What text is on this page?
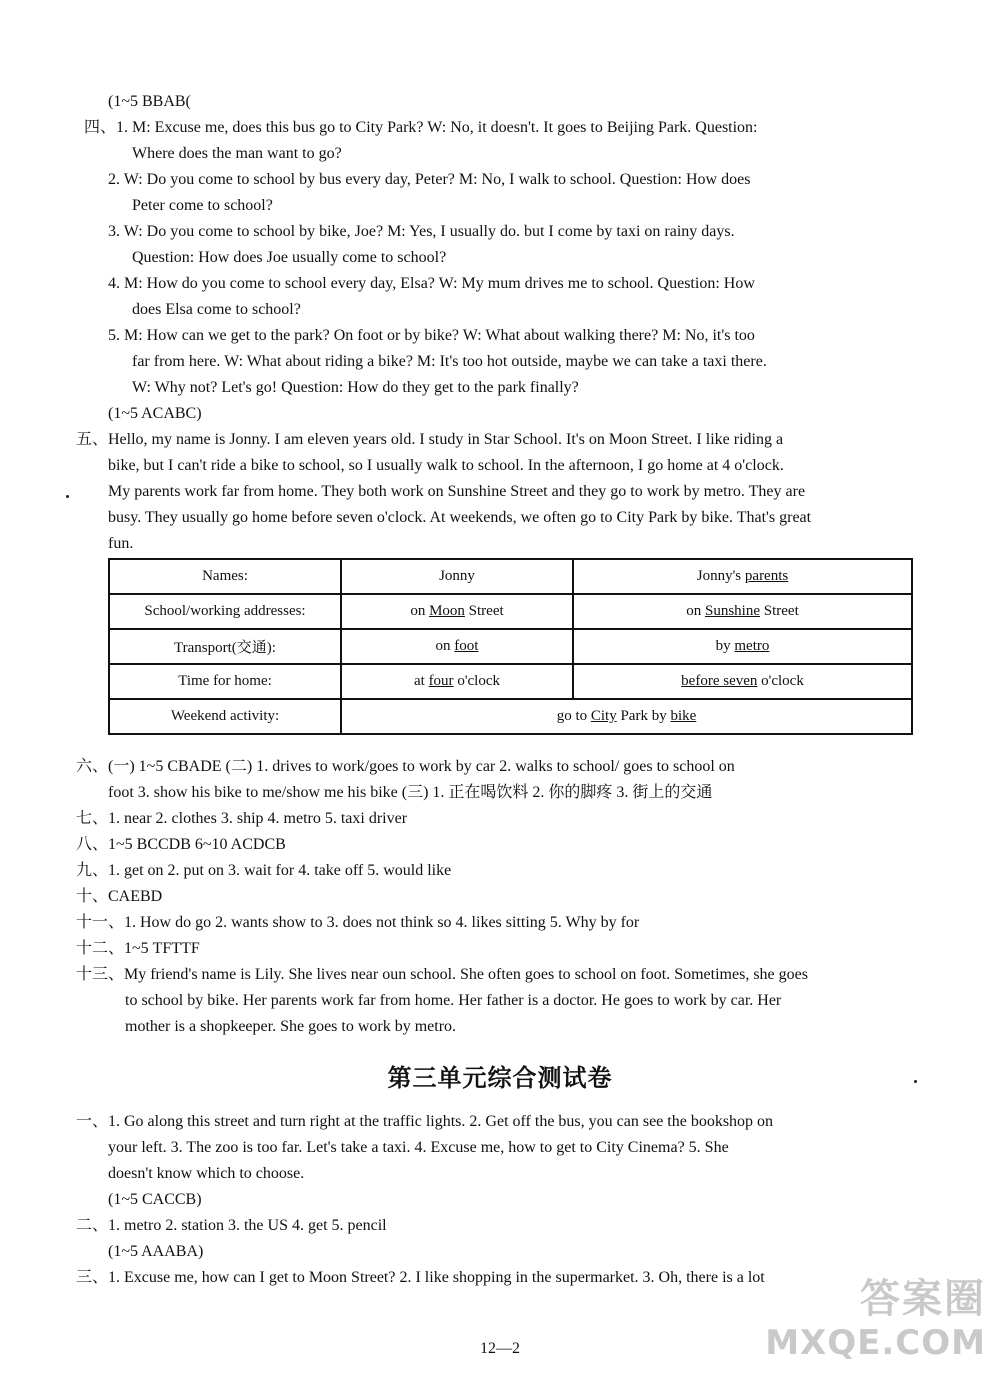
(1~5 BBAB(
四、1. M: Excuse me, does this bus go to City Park? W: No, it doesn't. It goes to Beijing Park. Question:
Where does the man want to go?
2. W: Do you come to school by bus every day, Peter? M: No, I walk to school. Question: How does
Peter come to school?
3. W: Do you come to school by bike, Joe? M: Yes, I usually do. but I come by taxi on rainy days.
Question: How does Joe usually come to school?
4. M: How do you come to school every day, Elsa? W: My mum drives me to school. Question: How
does Elsa come to school?
5. M: How can we get to the park? On foot or by bike? W: What about walking there? M: No, it's too
far from here. W: What about riding a bike? M: It's too hot outside, maybe we can take a taxi there.
W: Why not? Let's go! Question: How do they get to the park finally?
(1~5 ACABC)
五、Hello, my name is Jonny. I am eleven years old. I study in Star School. It's on Moon Street. I like riding a
bike, but I can't ride a bike to school, so I usually walk to school. In the afternoon, I go home at 4 o'clock.
My parents work far from home. They both work on Sunshine Street and they go to work by metro. They are
busy. They usually go home before seven o'clock. At weekends, we often go to City Park by bike. That's great
fun.
Names:	Jonny	Jonny's parents
School/working addresses:	on Moon Street	on Sunshine Street
Transport(交通):	on foot	by metro
Time for home:	at four o'clock	before seven o'clock
Weekend activity:	go to City Park by bike	
六、(一) 1~5 CBADE (二) 1. drives to work/goes to work by car 2. walks to school/ goes to school on
foot 3. show his bike to me/show me his bike (三) 1. 正在喝饮料 2. 你的脚疼 3. 街上的交通
七、1. near 2. clothes 3. ship 4. metro 5. taxi driver
八、1~5 BCCDB 6~10 ACDCB
九、1. get on 2. put on 3. wait for 4. take off 5. would like
十、CAEBD
十一、1. How do go 2. wants show to 3. does not think so 4. likes sitting 5. Why by for
十二、1~5 TFTTF
十三、My friend's name is Lily. She lives near oun school. She often goes to school on foot. Sometimes, she goes
to school by bike. Her parents work far from home. Her father is a doctor. He goes to work by car. Her
mother is a shopkeeper. She goes to work by metro.
第三单元综合测试卷
一、1. Go along this street and turn right at the traffic lights. 2. Get off the bus, you can see the bookshop on
your left. 3. The zoo is too far. Let's take a taxi. 4. Excuse me, how to get to City Cinema? 5. She
doesn't know which to choose.
(1~5 CACCB)
二、1. metro 2. station 3. the US 4. get 5. pencil
(1~5 AAABA)
三、1. Excuse me, how can I get to Moon Street? 2. I like shopping in the supermarket. 3. Oh, there is a lot
12—2
答案圈
MXQE.COM
